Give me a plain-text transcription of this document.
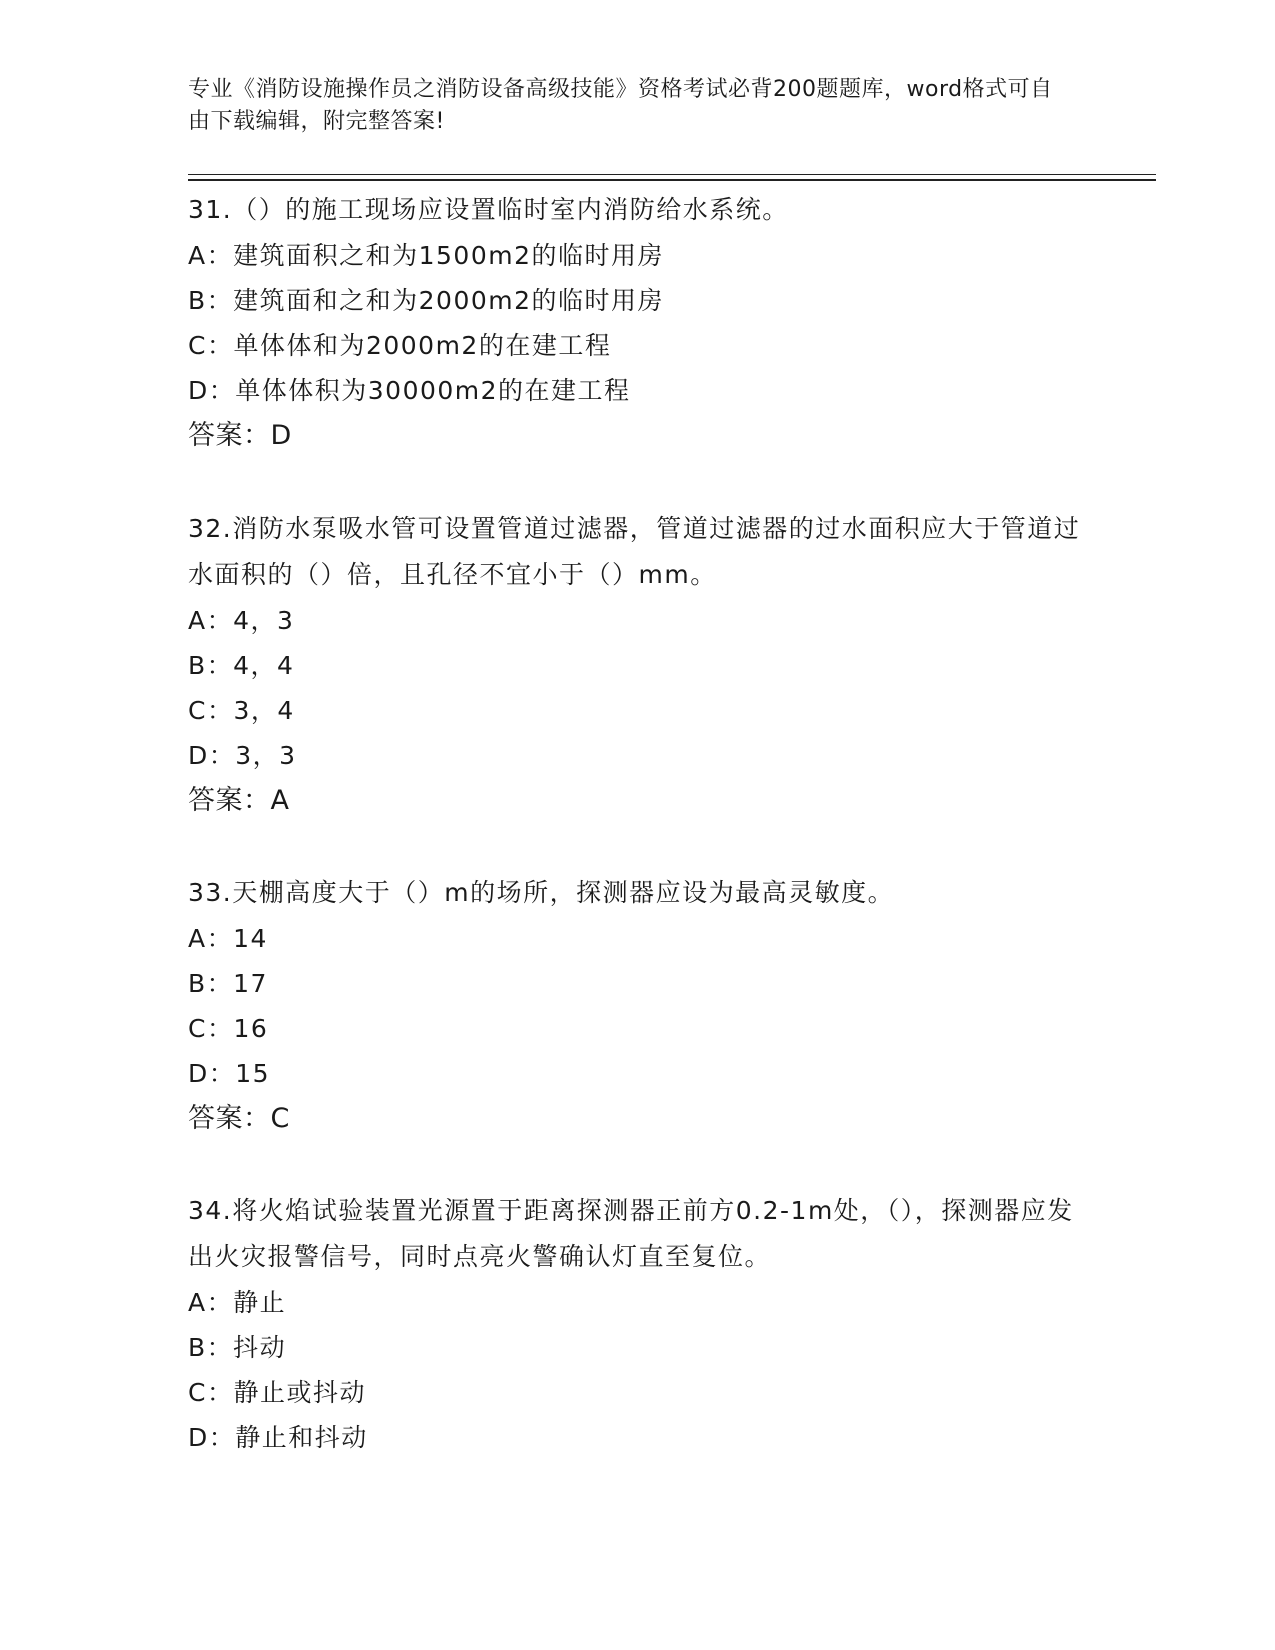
专业《消防设施操作员之消防设备高级技能》资格考试必背200题题库，word格式可自由下载编辑，附完整答案!

31.（）的施工现场应设置临时室内消防给水系统。

A：建筑面积之和为1500m2的临时用房

B：建筑面和之和为2000m2的临时用房

C：单体体和为2000m2的在建工程

D：单体体积为30000m2的在建工程

答案：D

32.消防水泵吸水管可设置管道过滤器，管道过滤器的过水面积应大于管道过水面积的（）倍，且孔径不宜小于（）mm。

A：4，3

B：4，4

C：3，4

D：3，3

答案：A

33.天棚高度大于（）m的场所，探测器应设为最高灵敏度。

A：14

B：17

C：16

D：15

答案：C

34.将火焰试验装置光源置于距离探测器正前方0.2-1m处，（），探测器应发出火灾报警信号，同时点亮火警确认灯直至复位。

A：静止

B：抖动

C：静止或抖动

D：静止和抖动
